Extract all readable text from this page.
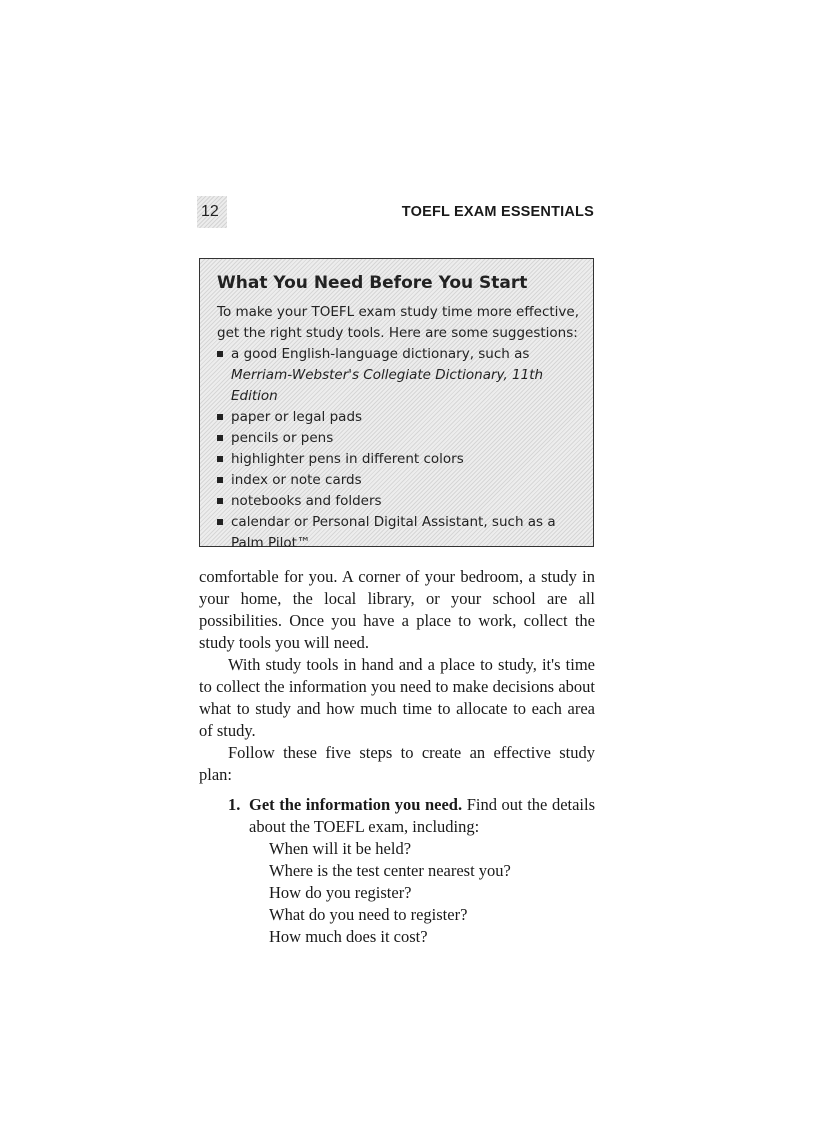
12	TOEFL EXAM ESSENTIALS
What You Need Before You Start

To make your TOEFL exam study time more effective, get the right study tools. Here are some suggestions:

a good English-language dictionary, such as Merriam-Webster's Collegiate Dictionary, 11th Edition
paper or legal pads
pencils or pens
highlighter pens in different colors
index or note cards
notebooks and folders
calendar or Personal Digital Assistant, such as a Palm Pilot™

comfortable for you. A corner of your bedroom, a study in your home, the local library, or your school are all possibilities. Once you have a place to work, collect the study tools you will need.

With study tools in hand and a place to study, it's time to collect the information you need to make decisions about what to study and how much time to allocate to each area of study.

Follow these five steps to create an effective study plan:

1. Get the information you need. Find out the details about the TOEFL exam, including:
When will it be held?
Where is the test center nearest you?
How do you register?
What do you need to register?
How much does it cost?
